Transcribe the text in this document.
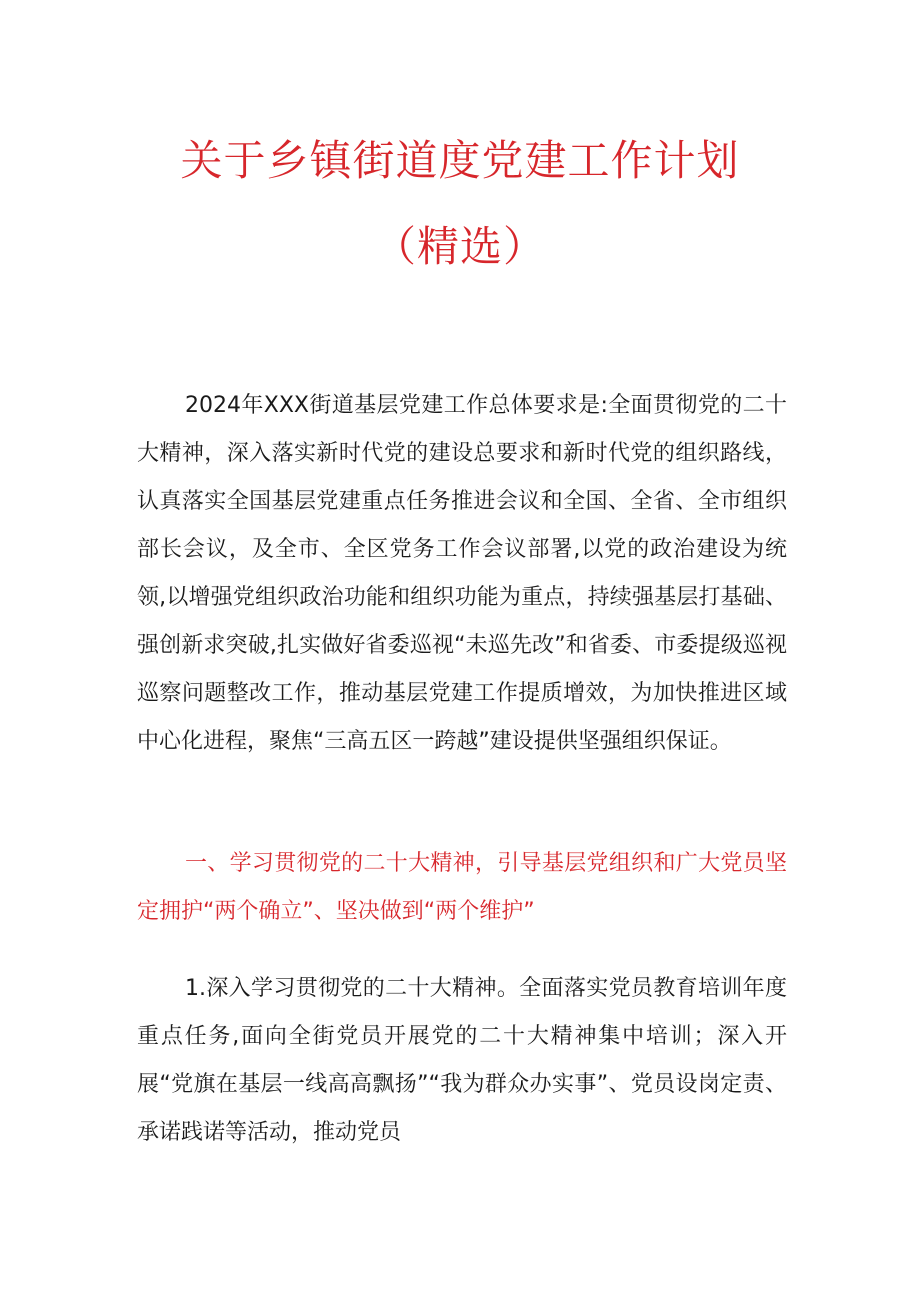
关于乡镇街道度党建工作计划
（精选）

2024年XXX街道基层党建工作总体要求是:全面贯彻党的二十大精神，深入落实新时代党的建设总要求和新时代党的组织路线，认真落实全国基层党建重点任务推进会议和全国、全省、全市组织部长会议，及全市、全区党务工作会议部署,以党的政治建设为统领,以增强党组织政治功能和组织功能为重点，持续强基层打基础、强创新求突破,扎实做好省委巡视“未巡先改”和省委、市委提级巡视巡察问题整改工作，推动基层党建工作提质增效，为加快推进区域中心化进程，聚焦“三高五区一跨越”建设提供坚强组织保证。

一、学习贯彻党的二十大精神，引导基层党组织和广大党员坚定拥护“两个确立”、坚决做到“两个维护”

1.深入学习贯彻党的二十大精神。全面落实党员教育培训年度重点任务,面向全街党员开展党的二十大精神集中培训；深入开展“党旗在基层一线高高飘扬”“我为群众办实事”、党员设岗定责、承诺践诺等活动，推动党员
